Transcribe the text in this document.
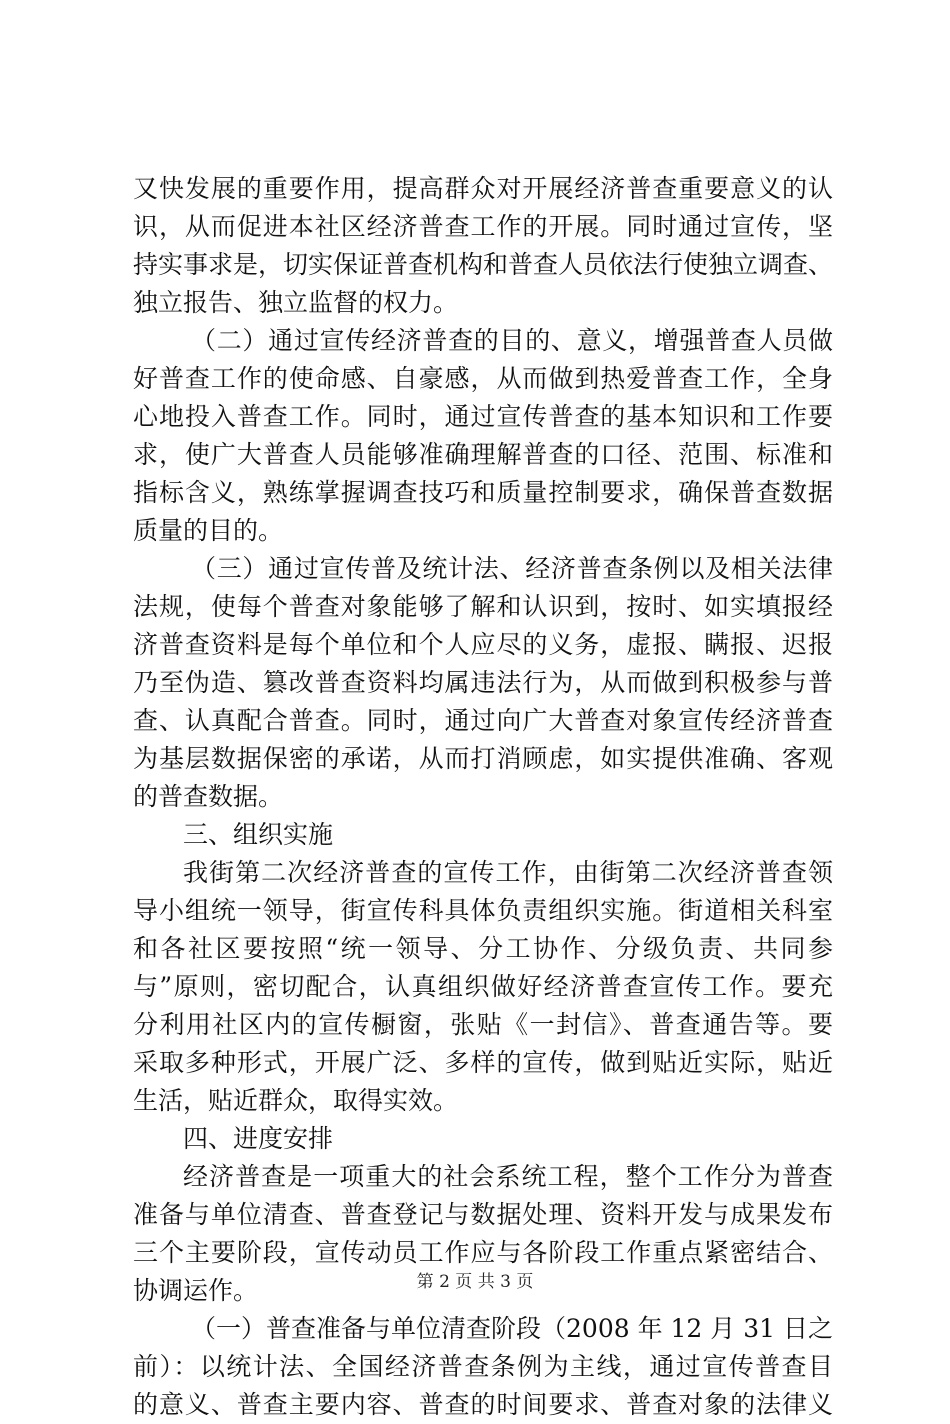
又快发展的重要作用，提高群众对开展经济普查重要意义的认
识，从而促进本社区经济普查工作的开展。同时通过宣传，坚
持实事求是，切实保证普查机构和普查人员依法行使独立调查、
独立报告、独立监督的权力。
（二）通过宣传经济普查的目的、意义，增强普查人员做
好普查工作的使命感、自豪感，从而做到热爱普查工作，全身
心地投入普查工作。同时，通过宣传普查的基本知识和工作要
求，使广大普查人员能够准确理解普查的口径、范围、标准和
指标含义，熟练掌握调查技巧和质量控制要求，确保普查数据
质量的目的。
（三）通过宣传普及统计法、经济普查条例以及相关法律
法规，使每个普查对象能够了解和认识到，按时、如实填报经
济普查资料是每个单位和个人应尽的义务，虚报、瞒报、迟报
乃至伪造、篡改普查资料均属违法行为，从而做到积极参与普
查、认真配合普查。同时，通过向广大普查对象宣传经济普查
为基层数据保密的承诺，从而打消顾虑，如实提供准确、客观
的普查数据。
三、组织实施
我街第二次经济普查的宣传工作，由街第二次经济普查领
导小组统一领导，街宣传科具体负责组织实施。街道相关科室
和各社区要按照“统一领导、分工协作、分级负责、共同参
与”原则，密切配合，认真组织做好经济普查宣传工作。要充
分利用社区内的宣传橱窗，张贴《一封信》、普查通告等。要
采取多种形式，开展广泛、多样的宣传，做到贴近实际，贴近
生活，贴近群众，取得实效。
四、进度安排
经济普查是一项重大的社会系统工程，整个工作分为普查
准备与单位清查、普查登记与数据处理、资料开发与成果发布
三个主要阶段，宣传动员工作应与各阶段工作重点紧密结合、
协调运作。
（一）普查准备与单位清查阶段（2008 年 12 月 31 日之
前）：以统计法、全国经济普查条例为主线，通过宣传普查目
的意义、普查主要内容、普查的时间要求、普查对象的法律义
第 2 页 共 3 页
